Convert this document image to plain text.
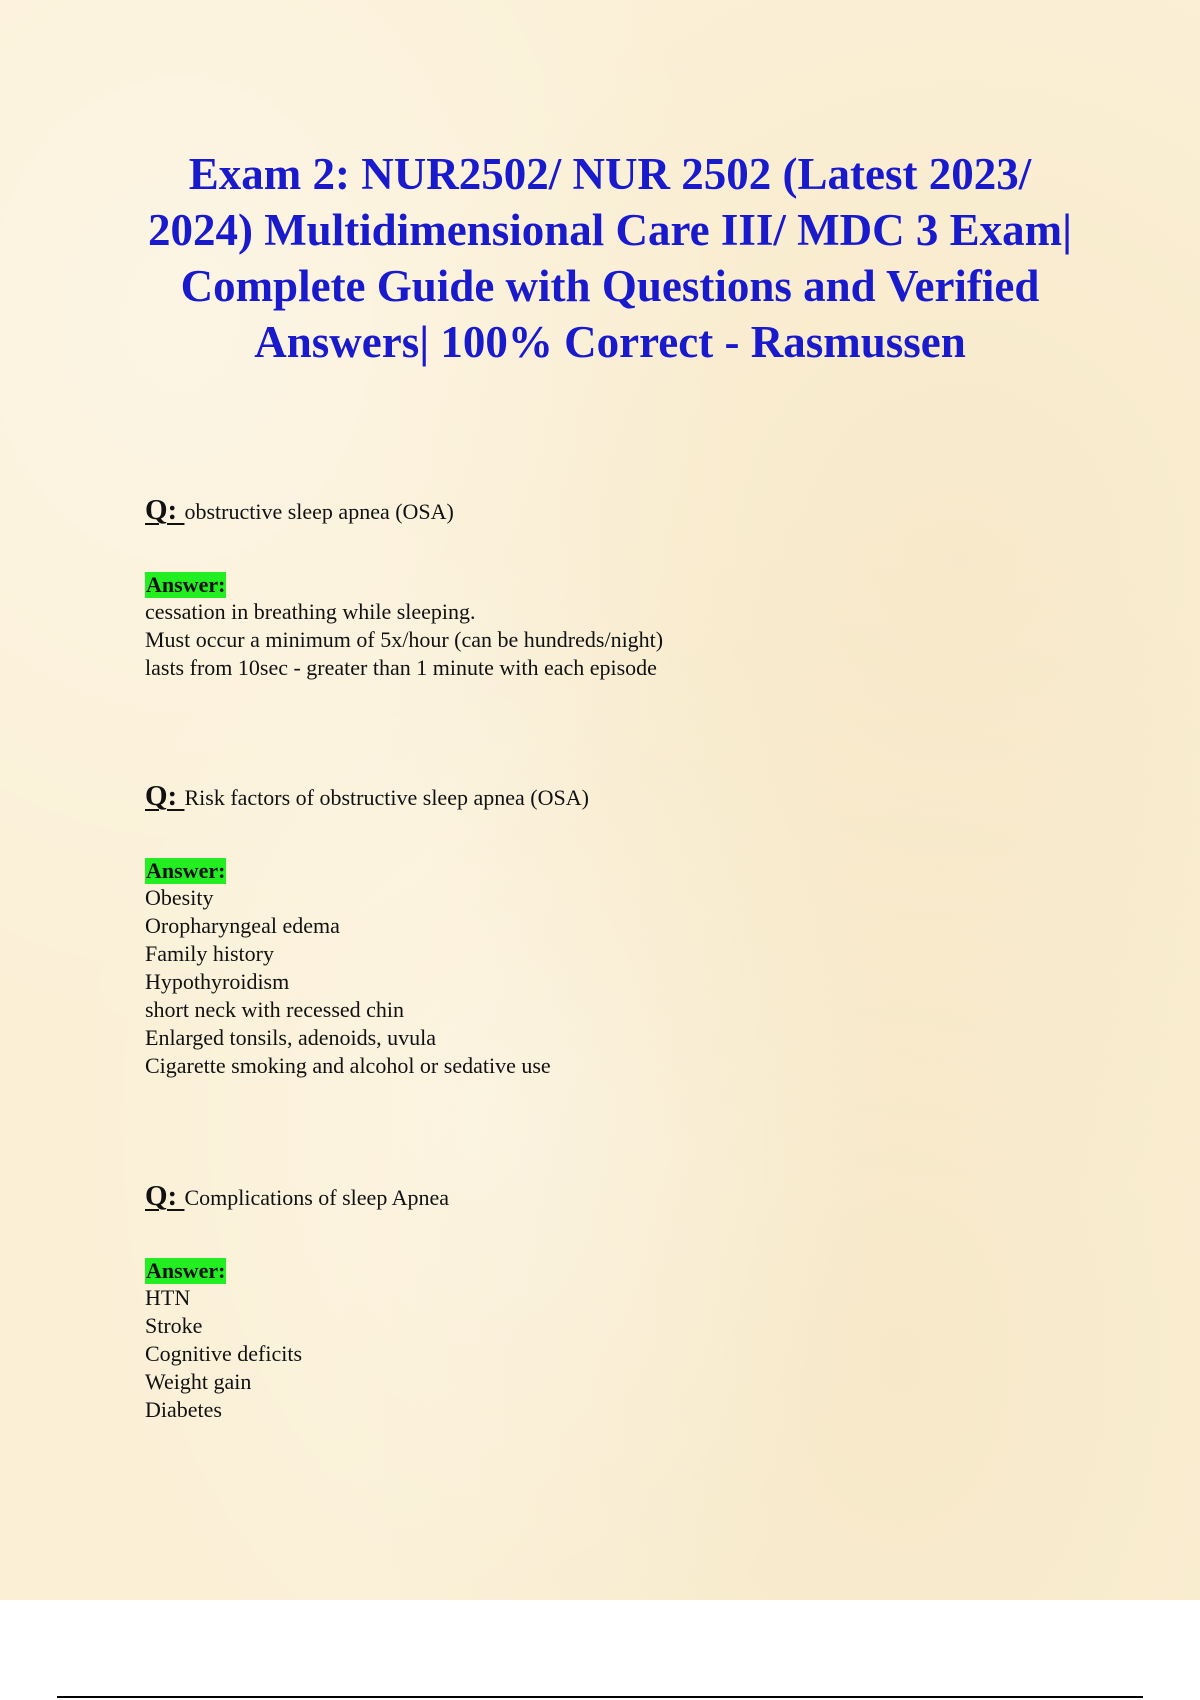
Exam 2: NUR2502/ NUR 2502 (Latest 2023/ 2024) Multidimensional Care III/ MDC 3 Exam| Complete Guide with Questions and Verified Answers| 100% Correct - Rasmussen
Q: obstructive sleep apnea (OSA)
Answer:
cessation in breathing while sleeping.
Must occur a minimum of 5x/hour (can be hundreds/night)
lasts from 10sec - greater than 1 minute with each episode
Q: Risk factors of obstructive sleep apnea (OSA)
Answer:
Obesity
Oropharyngeal edema
Family history
Hypothyroidism
short neck with recessed chin
Enlarged tonsils, adenoids, uvula
Cigarette smoking and alcohol or sedative use
Q: Complications of sleep Apnea
Answer:
HTN
Stroke
Cognitive deficits
Weight gain
Diabetes
